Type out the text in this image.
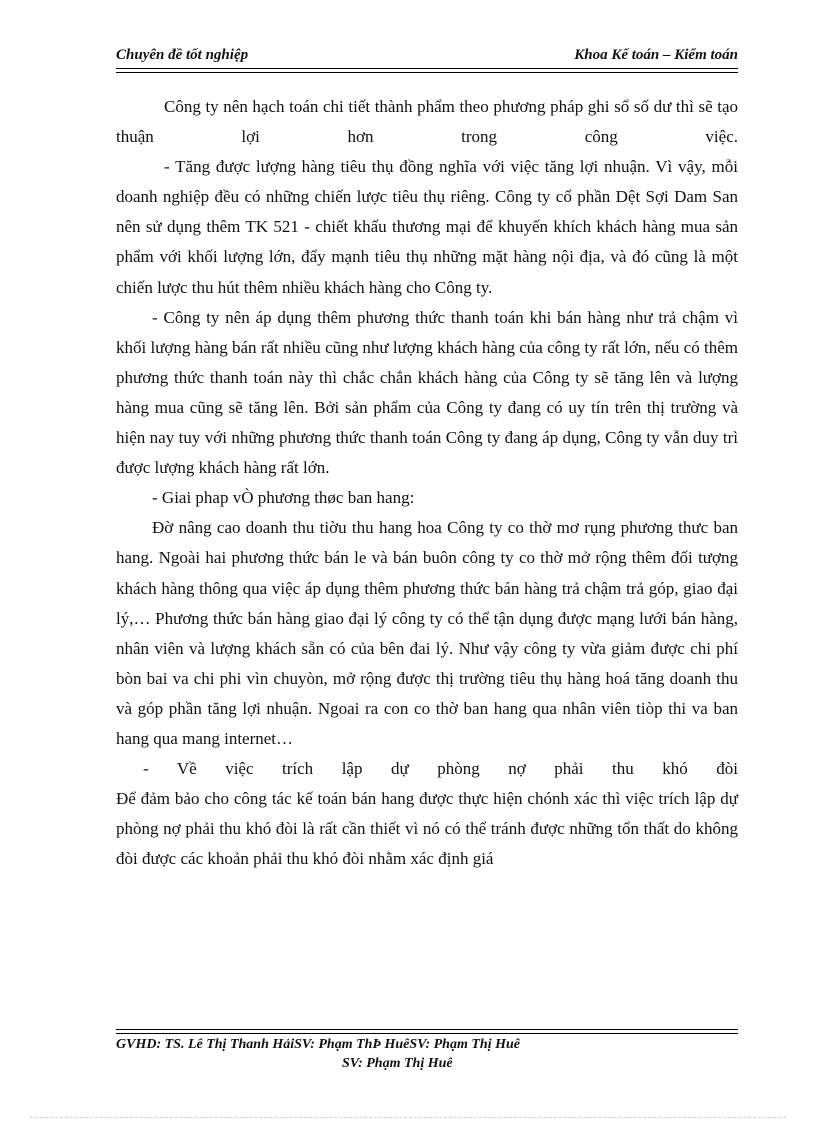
Chuyên đề tốt nghiệp	Khoa Kế toán – Kiểm toán

Công ty nên hạch toán chi tiết thành phẩm theo phương pháp ghi sổ số dư thì sẽ tạo thuận lợi hơn trong công việc.

- Tăng được lượng hàng tiêu thụ đồng nghĩa với việc tăng lợi nhuận. Vì vậy, mỗi doanh nghiệp đều có những chiến lược tiêu thụ riêng. Công ty cổ phần Dệt Sợi Dam San nên sử dụng thêm TK 521 - chiết khấu thương mại để khuyến khích khách hàng mua sản phẩm với khối lượng lớn, đẩy mạnh tiêu thụ những mặt hàng nội địa, và đó cũng là một chiến lược thu hút thêm nhiều khách hàng cho Công ty.

- Công ty nên áp dụng thêm phương thức thanh toán khi bán hàng như trả chậm vì khối lượng hàng bán rất nhiều cũng như lượng khách hàng của công ty rất lớn, nếu có thêm phương thức thanh toán này thì chắc chắn khách hàng của Công ty sẽ tăng lên và lượng hàng mua cũng sẽ tăng lên. Bởi sản phẩm của Công ty đang có uy tín trên thị trường và hiện nay tuy với những phương thức thanh toán Công ty đang áp dụng, Công ty vẫn duy trì được lượng khách hàng rất lớn.

- Giai phap vÒ phương thøc ban hang:

Đờ nâng cao doanh thu tiờu thu hang hoa Công ty co thờ mơ rụng phương thưc ban hang. Ngoài hai phương thức bán le và bán buôn công ty co thờ mở rộng thêm đối tượng khách hàng thông qua việc áp dụng thêm phương thức bán hàng trả chậm trả góp, giao đại lý,… Phương thức bán hàng giao đại lý công ty có thể tận dụng được mạng lưới bán hàng, nhân viên và lượng khách sẵn có của bên đai lý. Như vậy công ty vừa giảm được chi phí bòn bai va chi phi vìn chuyòn, mở rộng được thị trường tiêu thụ hàng hoá tăng doanh thu và góp phần tăng lợi nhuận. Ngoai ra con co thờ ban hang qua nhân viên tiòp thi va ban hang qua mang internet…

- Về việc trích lập dự phòng nợ phải thu khó đòi

Để đảm bảo cho công tác kế toán bán hang được thực hiện chónh xác thì việc trích lập dự phòng nợ phải thu khó đòi là rất cần thiết vì nó có thể tránh được những tổn thất do không đòi được các khoản phải thu khó đòi nhằm xác định giá

GVHD: TS. Lê Thị Thanh HảiSV: Phạm ThÞ HuêSV: Phạm Thị Huê
SV: Phạm Thị Huê
